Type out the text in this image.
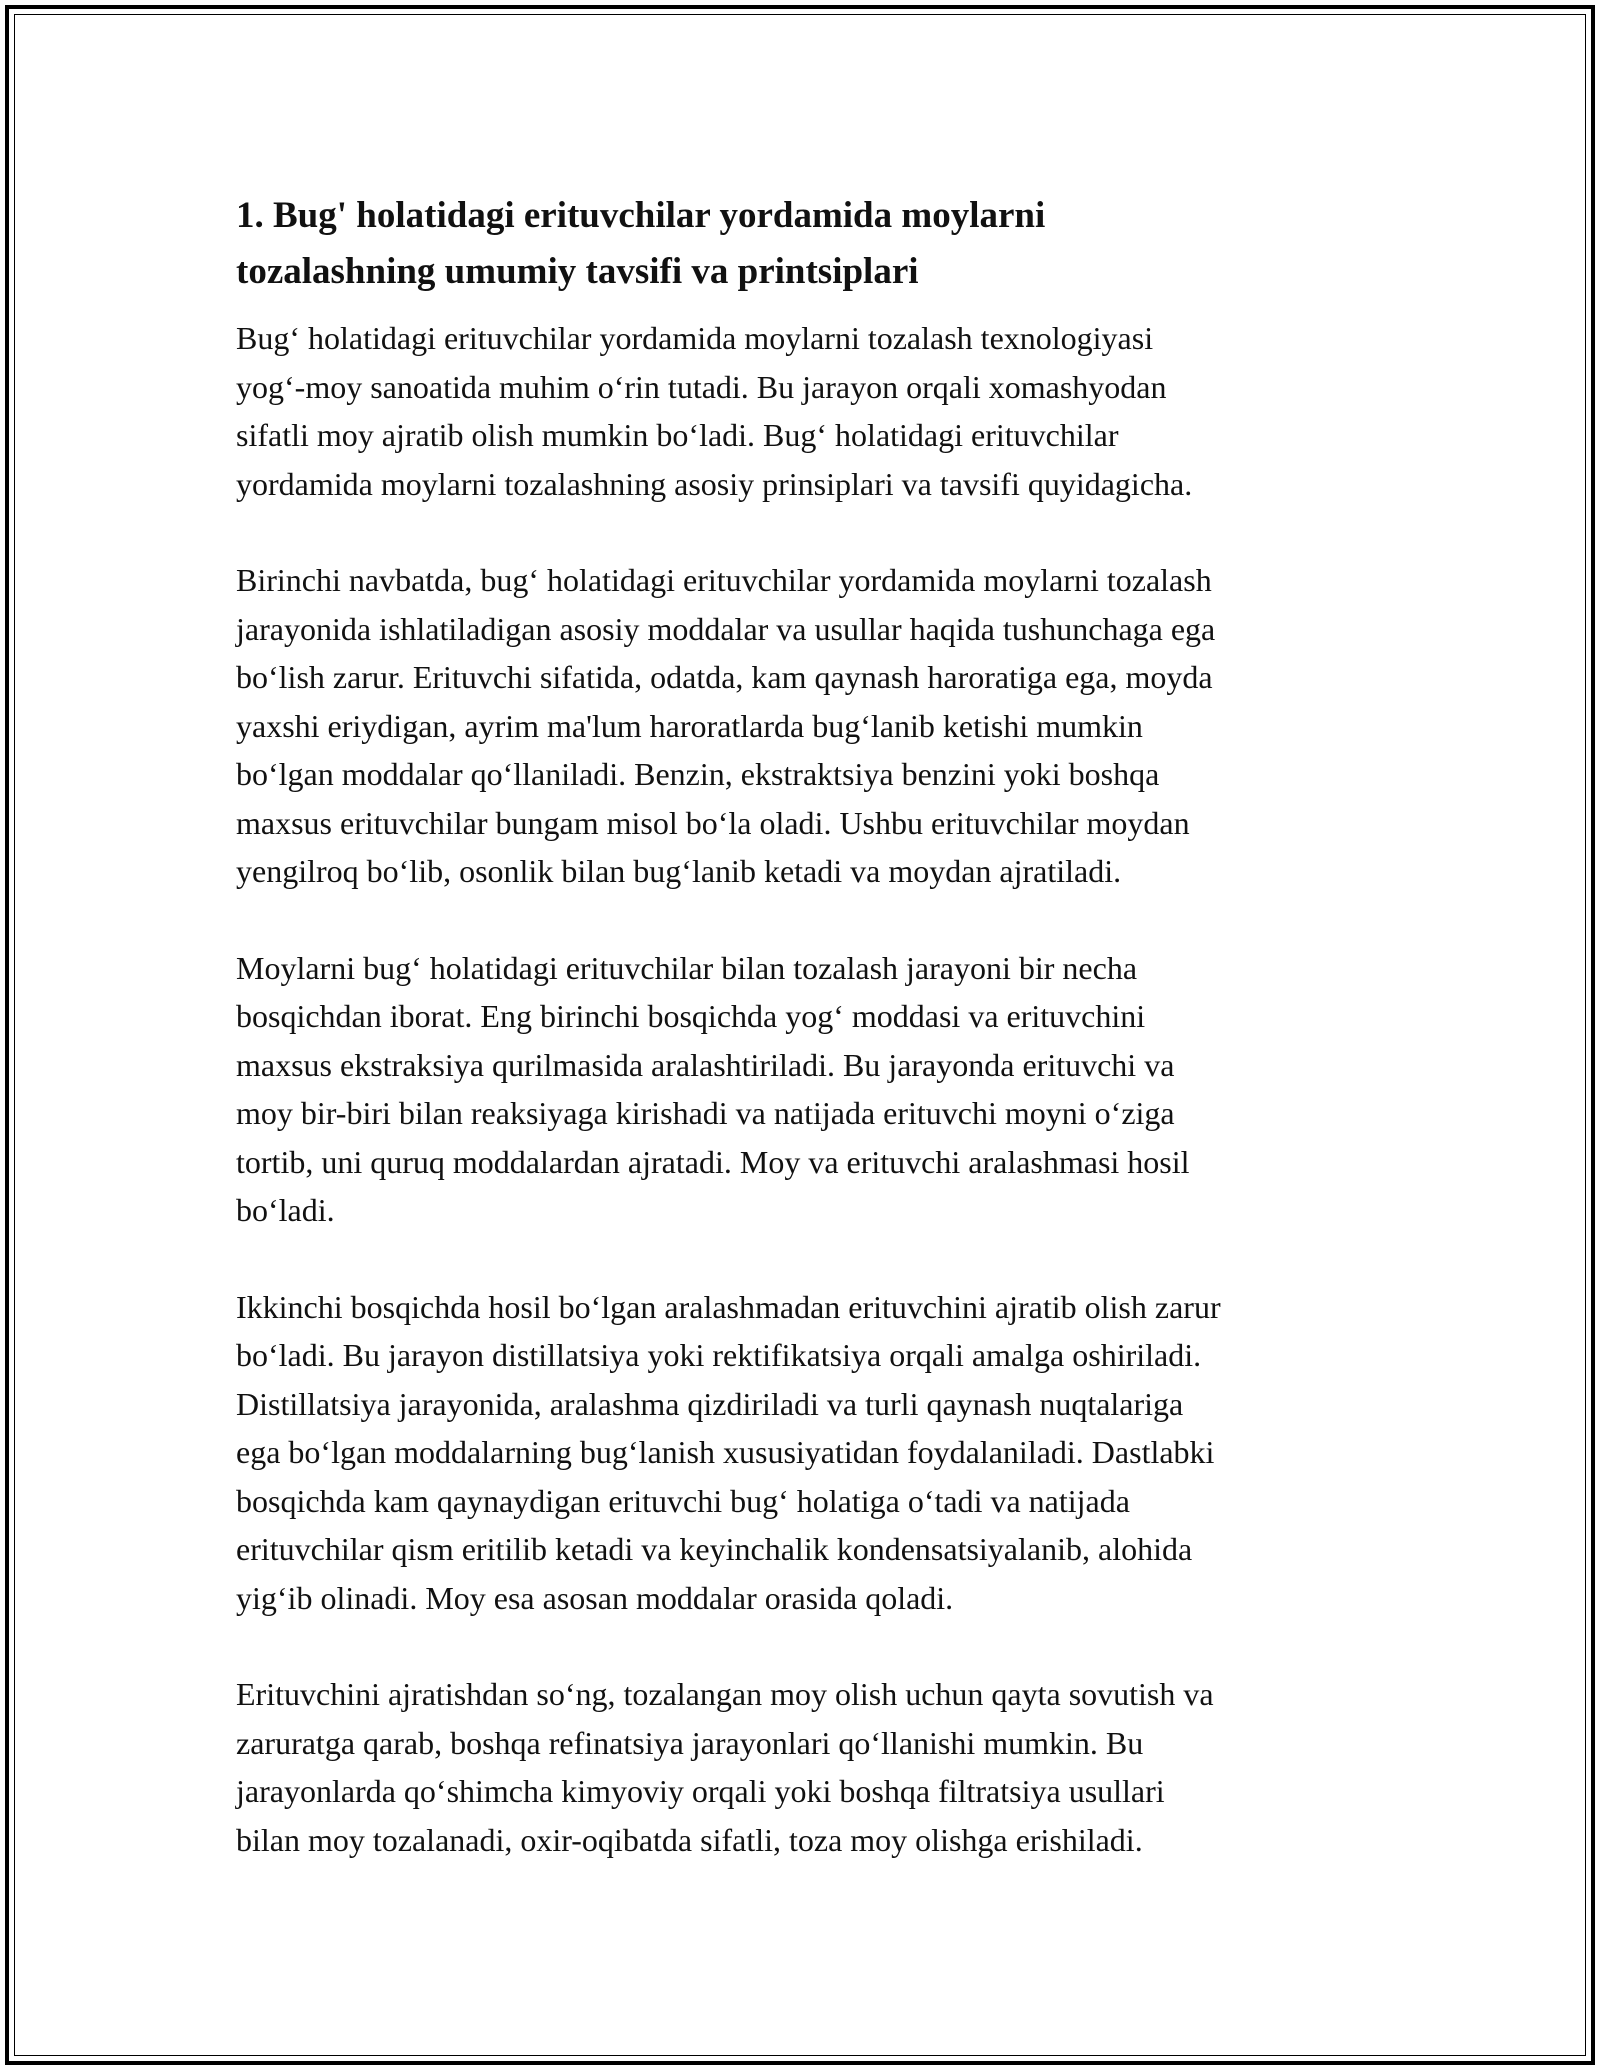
1. Bug' holatidagi erituvchilar yordamida moylarni
tozalashning umumiy tavsifi va printsiplari

Bug‘ holatidagi erituvchilar yordamida moylarni tozalash texnologiyasi
yog‘-moy sanoatida muhim o‘rin tutadi. Bu jarayon orqali xomashyodan
sifatli moy ajratib olish mumkin bo‘ladi. Bug‘ holatidagi erituvchilar
yordamida moylarni tozalashning asosiy prinsiplari va tavsifi quyidagicha.

Birinchi navbatda, bug‘ holatidagi erituvchilar yordamida moylarni tozalash
jarayonida ishlatiladigan asosiy moddalar va usullar haqida tushunchaga ega
bo‘lish zarur. Erituvchi sifatida, odatda, kam qaynash haroratiga ega, moyda
yaxshi eriydigan, ayrim ma'lum haroratlarda bug‘lanib ketishi mumkin
bo‘lgan moddalar qo‘llaniladi. Benzin, ekstraktsiya benzini yoki boshqa
maxsus erituvchilar bungam misol bo‘la oladi. Ushbu erituvchilar moydan
yengilroq bo‘lib, osonlik bilan bug‘lanib ketadi va moydan ajratiladi.

Moylarni bug‘ holatidagi erituvchilar bilan tozalash jarayoni bir necha
bosqichdan iborat. Eng birinchi bosqichda yog‘ moddasi va erituvchini
maxsus ekstraksiya qurilmasida aralashtiriladi. Bu jarayonda erituvchi va
moy bir-biri bilan reaksiyaga kirishadi va natijada erituvchi moyni o‘ziga
tortib, uni quruq moddalardan ajratadi. Moy va erituvchi aralashmasi hosil
bo‘ladi.

Ikkinchi bosqichda hosil bo‘lgan aralashmadan erituvchini ajratib olish zarur
bo‘ladi. Bu jarayon distillatsiya yoki rektifikatsiya orqali amalga oshiriladi.
Distillatsiya jarayonida, aralashma qizdiriladi va turli qaynash nuqtalariga
ega bo‘lgan moddalarning bug‘lanish xususiyatidan foydalaniladi. Dastlabki
bosqichda kam qaynaydigan erituvchi bug‘ holatiga o‘tadi va natijada
erituvchilar qism eritilib ketadi va keyinchalik kondensatsiyalanib, alohida
yig‘ib olinadi. Moy esa asosan moddalar orasida qoladi.

Erituvchini ajratishdan so‘ng, tozalangan moy olish uchun qayta sovutish va
zaruratga qarab, boshqa refinatsiya jarayonlari qo‘llanishi mumkin. Bu
jarayonlarda qo‘shimcha kimyoviy orqali yoki boshqa filtratsiya usullari
bilan moy tozalanadi, oxir-oqibatda sifatli, toza moy olishga erishiladi.
